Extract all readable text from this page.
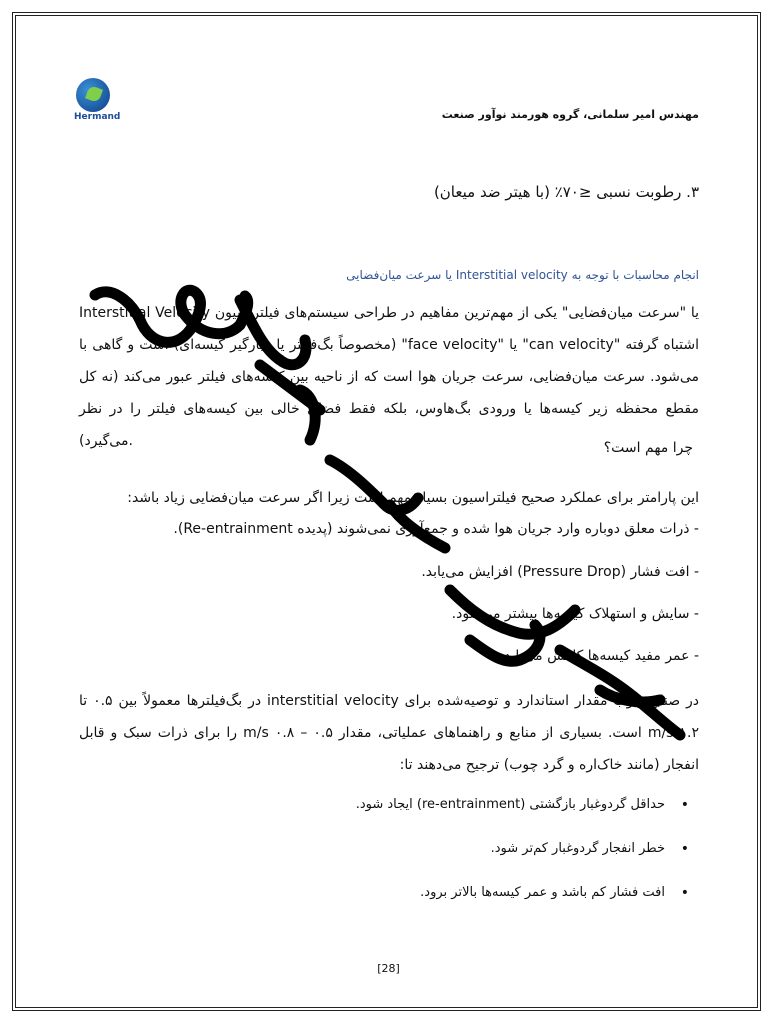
Hermand	مهندس امیر سلمانی، گروه هورمند نوآور صنعت
۳. رطوبت نسبی ≤۷۰٪ (با هیتر ضد میعان)
انجام محاسبات با توجه به Interstitial velocity یا سرعت میان‌فضایی
Interstitial Velocity یا "سرعت میان‌فضایی" یکی از مهم‌ترین مفاهیم در طراحی سیستم‌های فیلتراسیون (مخصوصاً بگ‌فیلتر یا غبارگیر کیسه‌ای) است و گاهی با "face velocity" یا "can velocity" اشتباه گرفته می‌شود. سرعت میان‌فضایی، سرعت جریان هوا است که از ناحیه بین کیسه‌های فیلتر عبور می‌کند (نه کل مقطع محفظه زیر کیسه‌ها یا ورودی بگ‌هاوس، بلکه فقط فضای خالی بین کیسه‌های فیلتر را در نظر می‌گیرد).	چرا مهم است؟
این پارامتر برای عملکرد صحیح فیلتراسیون بسیار مهم است زیرا اگر سرعت میان‌فضایی زیاد باشد:
- ذرات معلق دوباره وارد جریان هوا شده و جمع‌آوری نمی‌شوند (پدیده Re-entrainment).
- افت فشار (Pressure Drop) افزایش می‌یابد.
- سایش و استهلاک کیسه‌ها بیشتر می‌شود.
- عمر مفید کیسه‌ها کاهش می‌یابد.
در صنایع چوب مقدار استاندارد و توصیه‌شده برای interstitial velocity در بگ‌فیلترها معمولاً بین ۰.۵ تا ۱.۲ m/s است. بسیاری از منابع و راهنماهای عملیاتی، مقدار ۰.۵ – ۰.۸ m/s را برای ذرات سبک و قابل انفجار (مانند خاک‌اره و گرد چوب) ترجیح می‌دهند تا:
• حداقل گردوغبار بازگشتی (re-entrainment) ایجاد شود.
• خطر انفجار گردوغبار کم‌تر شود.
• افت فشار کم باشد و عمر کیسه‌ها بالاتر برود.
[28]
